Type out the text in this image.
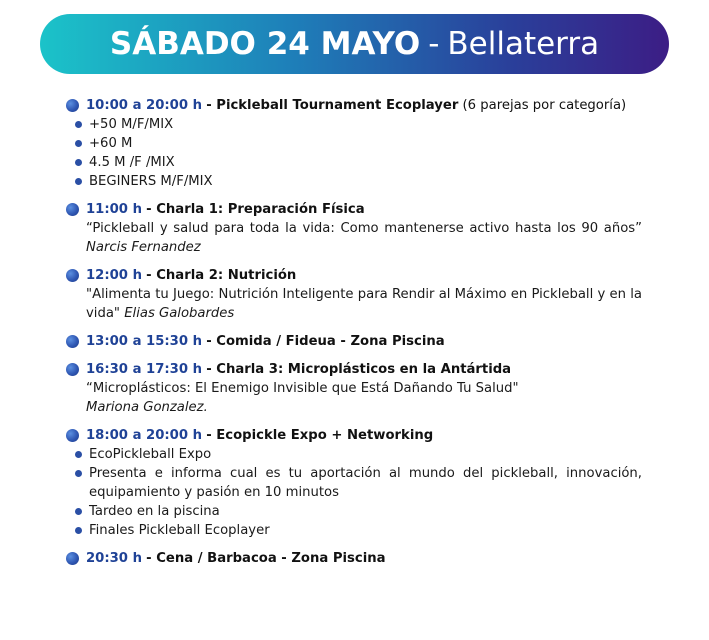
SÁBADO 24 MAYO - Bellaterra
10:00 a 20:00 h - Pickleball Tournament Ecoplayer (6 parejas por categoría)
+50 M/F/MIX
+60 M
4.5 M /F /MIX
BEGINERS M/F/MIX
11:00 h - Charla 1: Preparación Física
“Pickleball y salud para toda la vida: Como mantenerse activo hasta los 90 años” Narcis Fernandez
12:00 h - Charla 2: Nutrición
"Alimenta tu Juego: Nutrición Inteligente para Rendir al Máximo en Pickleball y en la vida" Elias Galobardes
13:00 a 15:30 h - Comida / Fideua - Zona Piscina
16:30 a 17:30 h - Charla 3: Microplásticos en la Antártida
“Microplásticos: El Enemigo Invisible que Está Dañando Tu Salud"
Mariona Gonzalez.
18:00 a 20:00 h - Ecopickle Expo + Networking
EcoPickleball Expo
Presenta e informa cual es tu aportación al mundo del pickleball, innovación, equipamiento y pasión en 10 minutos
Tardeo en la piscina
Finales Pickleball Ecoplayer
20:30 h - Cena / Barbacoa - Zona Piscina
